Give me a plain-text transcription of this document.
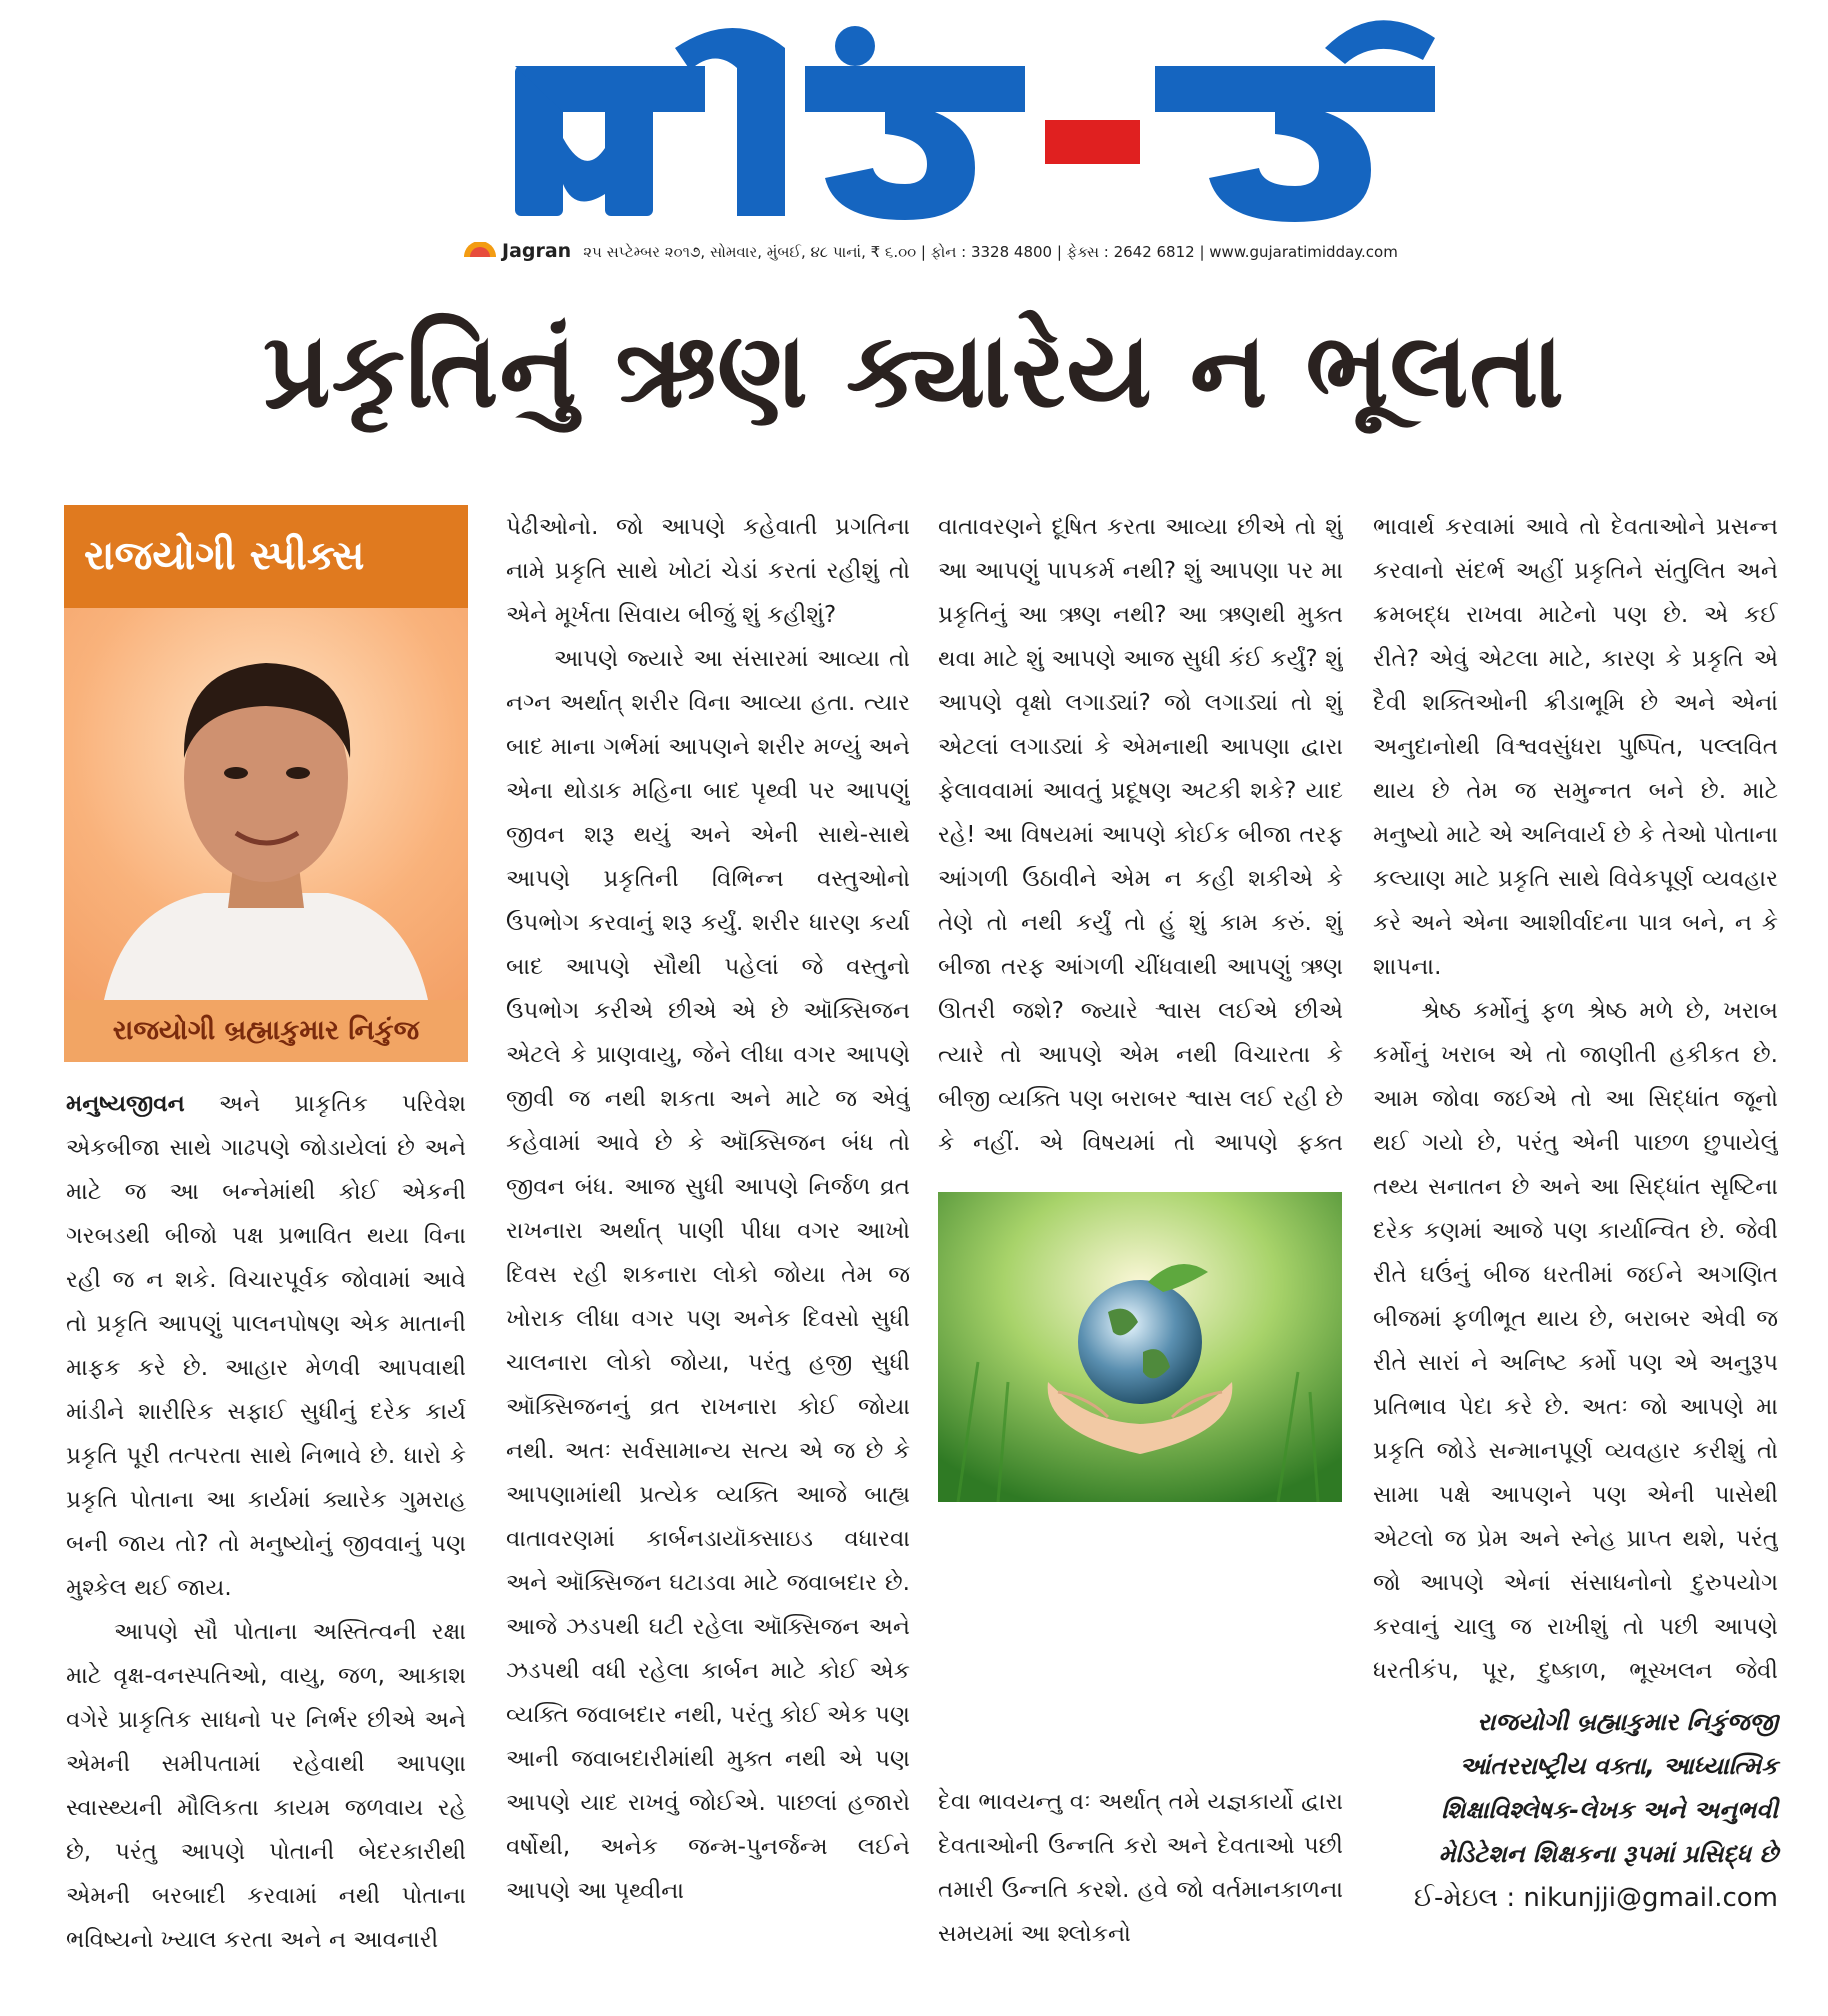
Jagran ૨૫ સપ્ટેમ્બર ૨૦૧૭, સોમવાર, મુંબઈ, ૪૮ પાનાં, ₹ ૬.૦૦ | ફોન : 3328 4800 | ફેક્સ : 2642 6812 | www.gujaratimidday.com
પ્રકૃતિનું ઋણ ક્યારેય ન ભૂલતા
રાજયોગી સ્પીક્સ
રાજયોગી બ્રહ્માકુમાર નિકુંજ

મનુષ્યજીવન અને પ્રાકૃતિક પરિવેશ એકબીજા સાથે ગાઢપણે જોડાયેલાં છે અને માટે જ આ બન્નેમાંથી કોઈ એકની ગરબડથી બીજો પક્ષ પ્રભાવિત થયા વિના રહી જ ન શકે. વિચારપૂર્વક જોવામાં આવે તો પ્રકૃતિ આપણું પાલનપોષણ એક માતાની માફક કરે છે. આહાર મેળવી આપવાથી માંડીને શારીરિક સફાઈ સુધીનું દરેક કાર્ય પ્રકૃતિ પૂરી તત્પરતા સાથે નિભાવે છે. ધારો કે પ્રકૃતિ પોતાના આ કાર્યમાં ક્યારેક ગુમરાહ બની જાય તો? તો મનુષ્યોનું જીવવાનું પણ મુશ્કેલ થઈ જાય.

આપણે સૌ પોતાના અસ્તિત્વની રક્ષા માટે વૃક્ષ-વનસ્પતિઓ, વાયુ, જળ, આકાશ વગેરે પ્રાકૃતિક સાધનો પર નિર્ભર છીએ અને એમની સમીપતામાં રહેવાથી આપણા સ્વાસ્થ્યની મૌલિકતા કાયમ જળવાય રહે છે, પરંતુ આપણે પોતાની બેદરકારીથી એમની બરબાદી કરવામાં નથી પોતાના ભવિષ્યનો ખ્યાલ કરતા અને ન આવનારી

પેઢીઓનો. જો આપણે કહેવાતી પ્રગતિના નામે પ્રકૃતિ સાથે ખોટાં ચેડાં કરતાં રહીશું તો એને મૂર્ખતા સિવાય બીજું શું કહીશું?

આપણે જ્યારે આ સંસારમાં આવ્યા તો નગ્ન અર્થાત્ શરીર વિના આવ્યા હતા. ત્યાર બાદ માના ગર્ભમાં આપણને શરીર મળ્યું અને એના થોડાક મહિના બાદ પૃથ્વી પર આપણું જીવન શરૂ થયું અને એની સાથે-સાથે આપણે પ્રકૃતિની વિભિન્ન વસ્તુઓનો ઉપભોગ કરવાનું શરૂ કર્યું. શરીર ધારણ કર્યા બાદ આપણે સૌથી પહેલાં જે વસ્તુનો ઉપભોગ કરીએ છીએ એ છે ઑક્સિજન એટલે કે પ્રાણવાયુ, જેને લીધા વગર આપણે જીવી જ નથી શકતા અને માટે જ એવું કહેવામાં આવે છે કે ઑક્સિજન બંધ તો જીવન બંધ. આજ સુધી આપણે નિર્જળ વ્રત રાખનારા અર્થાત્ પાણી પીધા વગર આખો દિવસ રહી શકનારા લોકો જોયા તેમ જ ખોરાક લીધા વગર પણ અનેક દિવસો સુધી ચાલનારા લોકો જોયા, પરંતુ હજી સુધી ઑક્સિજનનું વ્રત રાખનારા કોઈ જોયા નથી. અતઃ સર્વસામાન્ય સત્ય એ જ છે કે આપણામાંથી પ્રત્યેક વ્યક્તિ આજે બાહ્ય વાતાવરણમાં કાર્બનડાયૉક્સાઇડ વધારવા અને ઑક્સિજન ઘટાડવા માટે જવાબદાર છે. આજે ઝડપથી ઘટી રહેલા ઑક્સિજન અને ઝડપથી વધી રહેલા કાર્બન માટે કોઈ એક વ્યક્તિ જવાબદાર નથી, પરંતુ કોઈ એક પણ આની જવાબદારીમાંથી મુક્ત નથી એ પણ આપણે યાદ રાખવું જોઈએ. પાછલાં હજારો વર્ષોથી, અનેક જન્મ-પુનર્જન્મ લઈને આપણે આ પૃથ્વીના

વાતાવરણને દૂષિત કરતા આવ્યા છીએ તો શું આ આપણું પાપકર્મ નથી? શું આપણા પર મા પ્રકૃતિનું આ ઋણ નથી? આ ઋણથી મુક્ત થવા માટે શું આપણે આજ સુધી કંઈ કર્યું? શું આપણે વૃક્ષો લગાડ્યાં? જો લગાડ્યાં તો શું એટલાં લગાડ્યાં કે એમનાથી આપણા દ્વારા ફેલાવવામાં આવતું પ્રદૂષણ અટકી શકે? યાદ રહે! આ વિષયમાં આપણે કોઈક બીજા તરફ આંગળી ઉઠાવીને એમ ન કહી શકીએ કે તેણે તો નથી કર્યું તો હું શું કામ કરું. શું બીજા તરફ આંગળી ચીંધવાથી આપણું ઋણ ઊતરી જશે? જ્યારે શ્વાસ લઈએ છીએ ત્યારે તો આપણે એમ નથી વિચારતા કે બીજી વ્યક્તિ પણ બરાબર શ્વાસ લઈ રહી છે કે નહીં. એ વિષયમાં તો આપણે ફક્ત

દેવા ભાવયન્તુ વઃ અર્થાત્ તમે યજ્ઞકાર્યો દ્વારા દેવતાઓની ઉન્નતિ કરો અને દેવતાઓ પછી તમારી ઉન્નતિ કરશે. હવે જો વર્તમાનકાળના સમયમાં આ શ્લોકનો

ભાવાર્થ કરવામાં આવે તો દેવતાઓને પ્રસન્ન કરવાનો સંદર્ભ અહીં પ્રકૃતિને સંતુલિત અને ક્રમબદ્ધ રાખવા માટેનો પણ છે. એ કઈ રીતે? એવું એટલા માટે, કારણ કે પ્રકૃતિ એ દૈવી શક્તિઓની ક્રીડાભૂમિ છે અને એનાં અનુદાનોથી વિશ્વવસુંધરા પુષ્પિત, પલ્લવિત થાય છે તેમ જ સમુન્નત બને છે. માટે મનુષ્યો માટે એ અનિવાર્ય છે કે તેઓ પોતાના કલ્યાણ માટે પ્રકૃતિ સાથે વિવેકપૂર્ણ વ્યવહાર કરે અને એના આશીર્વાદના પાત્ર બને, ન કે શાપના.

શ્રેષ્ઠ કર્મોનું ફળ શ્રેષ્ઠ મળે છે, ખરાબ કર્મોનું ખરાબ એ તો જાણીતી હકીકત છે. આમ જોવા જઈએ તો આ સિદ્ધાંત જૂનો થઈ ગયો છે, પરંતુ એની પાછળ છુપાયેલું તથ્ય સનાતન છે અને આ સિદ્ધાંત સૃષ્ટિના દરેક કણમાં આજે પણ કાર્યાન્વિત છે. જેવી રીતે ઘઉંનું બીજ ધરતીમાં જઈને અગણિત બીજમાં ફળીભૂત થાય છે, બરાબર એવી જ રીતે સારાં ને અનિષ્ટ કર્મો પણ એ અનુરૂપ પ્રતિભાવ પેદા કરે છે. અતઃ જો આપણે મા પ્રકૃતિ જોડે સન્માનપૂર્ણ વ્યવહાર કરીશું તો સામા પક્ષે આપણને પણ એની પાસેથી એટલો જ પ્રેમ અને સ્નેહ પ્રાપ્ત થશે, પરંતુ જો આપણે એનાં સંસાધનોનો દુરુપયોગ કરવાનું ચાલુ જ રાખીશું તો પછી આપણે ધરતીકંપ, પૂર, દુષ્કાળ, ભૂસ્ખલન જેવી

રાજયોગી બ્રહ્માકુમાર નિકુંજજી
આંતરરાષ્ટ્રીય વક્તા, આધ્યાત્મિક
શિક્ષાવિશ્લેષક-લેખક અને અનુભવી
મેડિટેશન શિક્ષકના રૂપમાં પ્રસિદ્ધ છે
ઈ-મેઇલ : nikunjji@gmail.com
